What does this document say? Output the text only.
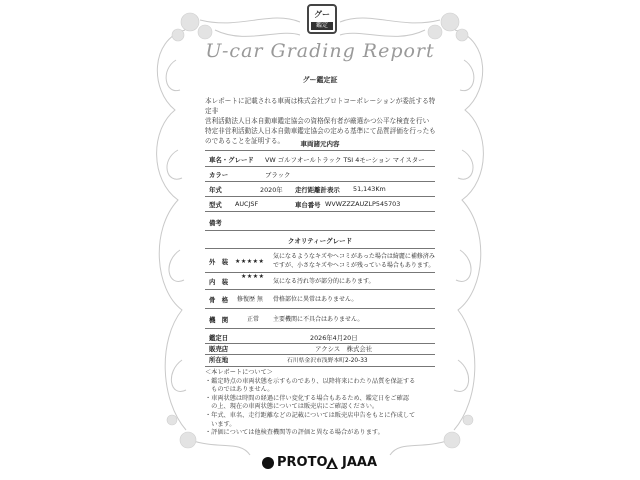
グー
鑑定
U-car Grading Report
グー鑑定証
本レポートに記載される車両は株式会社プロトコーポレーションが委託する特定非
営利活動法人日本自動車鑑定協会の資格保有者が厳選かつ公平な検査を行い
特定非営利活動法人日本自動車鑑定協会の定める基準にて品質評価を行ったも
のであることを証明する。	車両諸元内容
車名・グレード VW ゴルフオールトラック TSI 4モーション マイスター
カラー	ブラック
年式	2020年 走行距離計表示 51,143Km
型式 AUCJSF	車台番号 WVWZZZAUZLP545703
備考
クオリティーグレード
外　装 ★★★★★
気になるようなキズやヘコミがあった場合は綺麗に補修済み
ですが、小さなキズやヘコミが残っている場合もあります。
内　装
★★★★
気になる汚れ等が部分的にあります。
骨　格 修復歴 無 骨格部位に異常はありません。
機　関	正常 主要機関に不具合はありません。
鑑定日	2026年4月20日
販売店	アクシス　株式会社
所在地	石川県金沢市浅野本町2-20-33
＜本レポートについて＞
・鑑定時点の車両状態を示すものであり、以降将来にわたり品質を保証する
　ものではありません。
・車両状態は時間の経過に伴い変化する場合もあるため、鑑定日をご確認
　の上、現在の車両状態については販売店にご確認ください。
・年式、車名、走行距離などの記載については販売店申告をもとに作成して
　います。
・評価については他検査機関等の評価と異なる場合があります。
PROTO JAAA
